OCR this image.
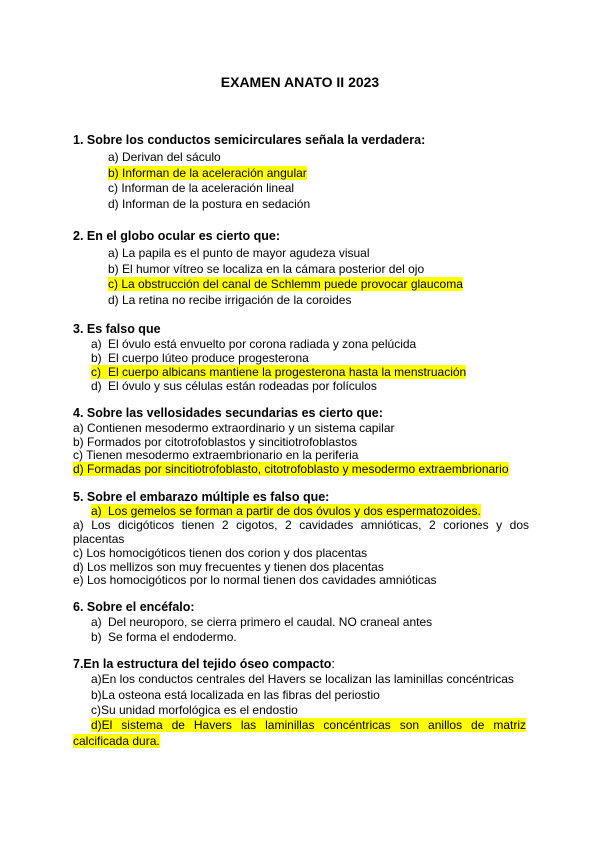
EXAMEN ANATO II 2023
1. Sobre los conductos semicirculares señala la verdadera:
a) Derivan del sáculo
b) Informan de la aceleración angular
c) Informan de la aceleración lineal
d) Informan de la postura en sedación
2. En el globo ocular es cierto que:
a) La papila es el punto de mayor agudeza visual
b) El humor vítreo se localiza en la cámara posterior del ojo
c) La obstrucción del canal de Schlemm puede provocar glaucoma
d) La retina no recibe irrigación de la coroides
3. Es falso que
a) El óvulo está envuelto por corona radiada y zona pelúcida
b) El cuerpo lúteo produce progesterona
c) El cuerpo albicans mantiene la progesterona hasta la menstruación
d) El óvulo y sus células están rodeadas por folículos
4. Sobre las vellosidades secundarias es cierto que:
a) Contienen mesodermo extraordinario y un sistema capilar
b) Formados por citotrofoblastos y sincitiotrofoblastos
c) Tienen mesodermo extraembrionario en la periferia
d) Formadas por sincitiotrofoblasto, citotrofoblasto y mesodermo extraembrionario
5. Sobre el embarazo múltiple es falso que:
a) Los gemelos se forman a partir de dos óvulos y dos espermatozoides.
a) Los dicigóticos tienen 2 cigotos, 2 cavidades amnióticas, 2 coriones y dos
placentas
c) Los homocigóticos tienen dos corion y dos placentas
d) Los mellizos son muy frecuentes y tienen dos placentas
e) Los homocigóticos por lo normal tienen dos cavidades amnióticas
6. Sobre el encéfalo:
a) Del neuroporo, se cierra primero el caudal. NO craneal antes
b) Se forma el endodermo.
7.En la estructura del tejido óseo compacto:
a)En los conductos centrales del Havers se localizan las laminillas concéntricas
b)La osteona está localizada en las fibras del periostio
c)Su unidad morfológica es el endostio
d)El sistema de Havers las laminillas concéntricas son anillos de matriz
calcificada dura.
